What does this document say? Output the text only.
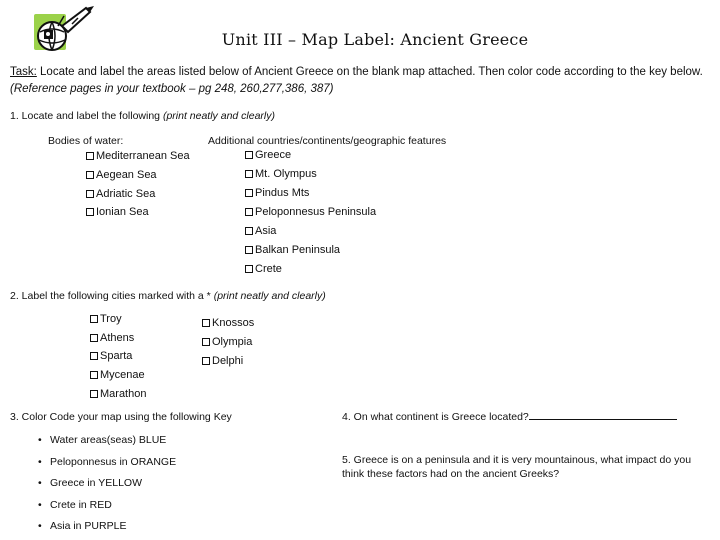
Unit III – Map Label: Ancient Greece
Task: Locate and label the areas listed below of Ancient Greece on the blank map attached. Then color code according to the key below. (Reference pages in your textbook – pg 248, 260,277,386, 387)
1. Locate and label the following (print neatly and clearly)
Bodies of water:	Additional countries/continents/geographic features
Mediterranean Sea
Aegean Sea
Adriatic Sea
Ionian Sea
Greece
Mt. Olympus
Pindus Mts
Peloponnesus Peninsula
Asia
Balkan Peninsula
Crete
2. Label the following cities marked with a * (print neatly and clearly)
Troy
Athens
Sparta
Mycenae
Marathon
Knossos
Olympia
Delphi
3. Color Code your map using the following Key
• Water areas(seas) BLUE
• Peloponnesus in ORANGE
• Greece in YELLOW
• Crete in RED
• Asia in PURPLE
4. On what continent is Greece located?
5. Greece is on a peninsula and it is very mountainous, what impact do you think these factors had on the ancient Greeks?
